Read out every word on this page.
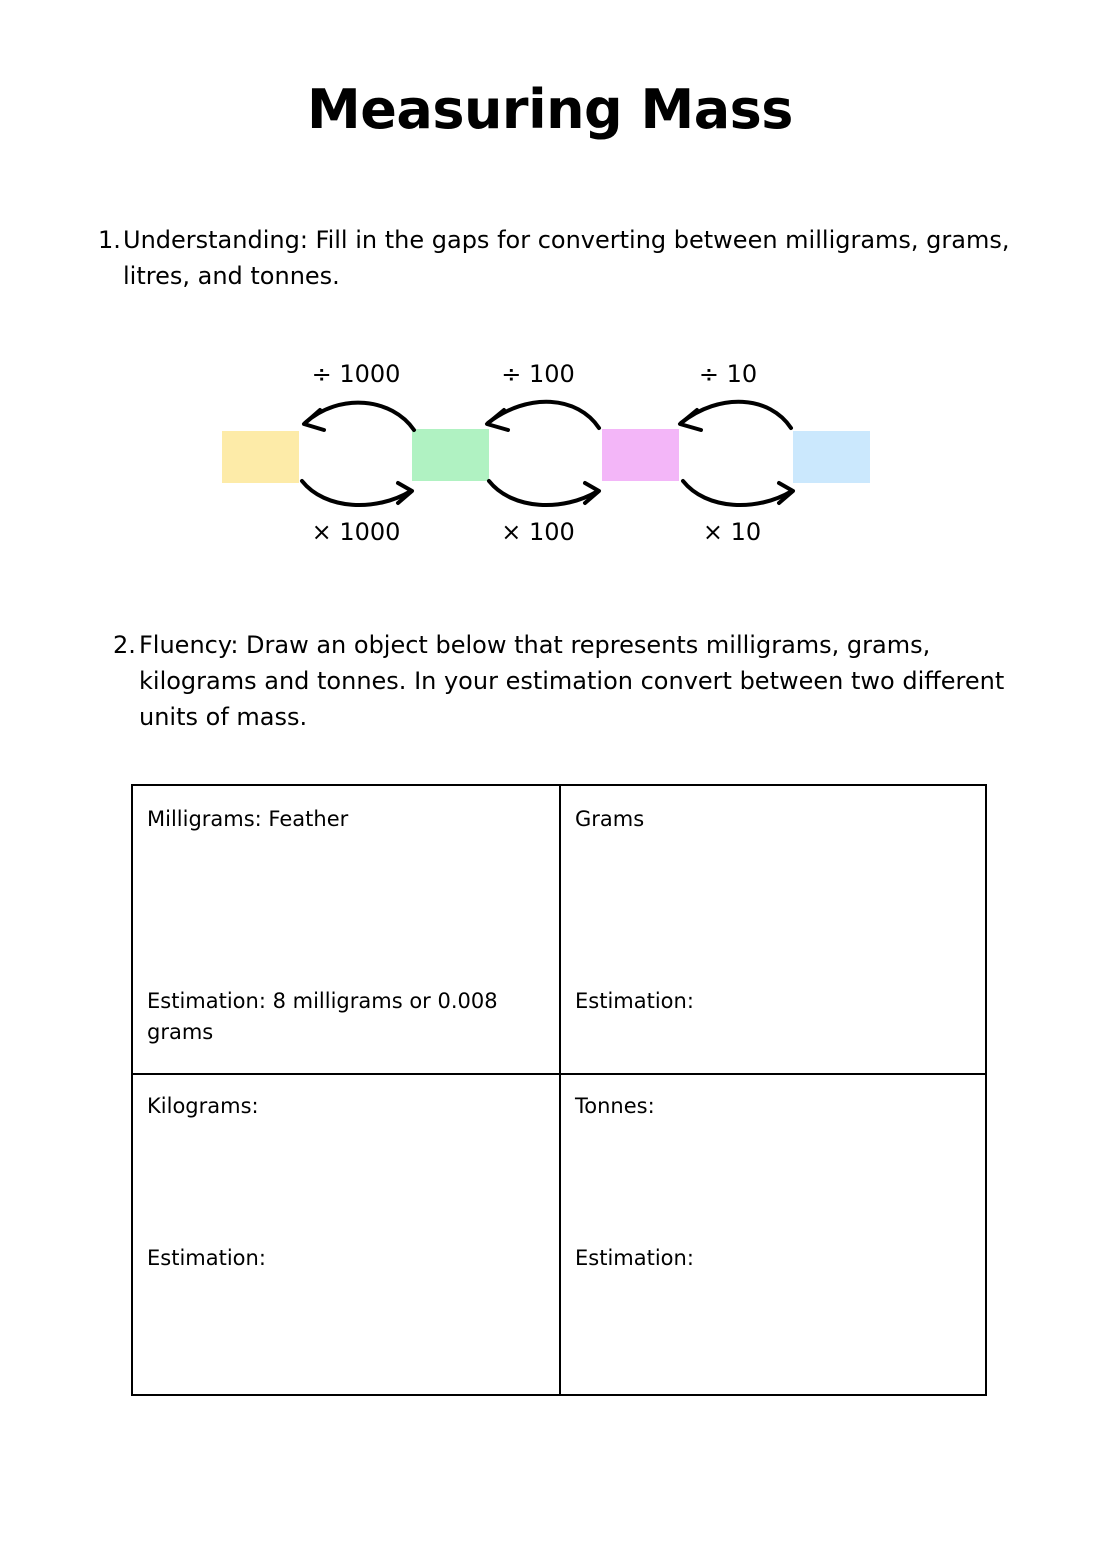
Measuring Mass
1. Understanding: Fill in the gaps for converting between milligrams, grams, litres, and tonnes.
÷ 1000	÷ 100	÷ 10
× 1000	× 100	× 10
2. Fluency: Draw an object below that represents milligrams, grams, kilograms and tonnes. In your estimation convert between two different units of mass.
Milligrams: Feather
Estimation: 8 milligrams or 0.008 grams
Grams
Estimation:
Kilograms:
Estimation:
Tonnes:
Estimation:
